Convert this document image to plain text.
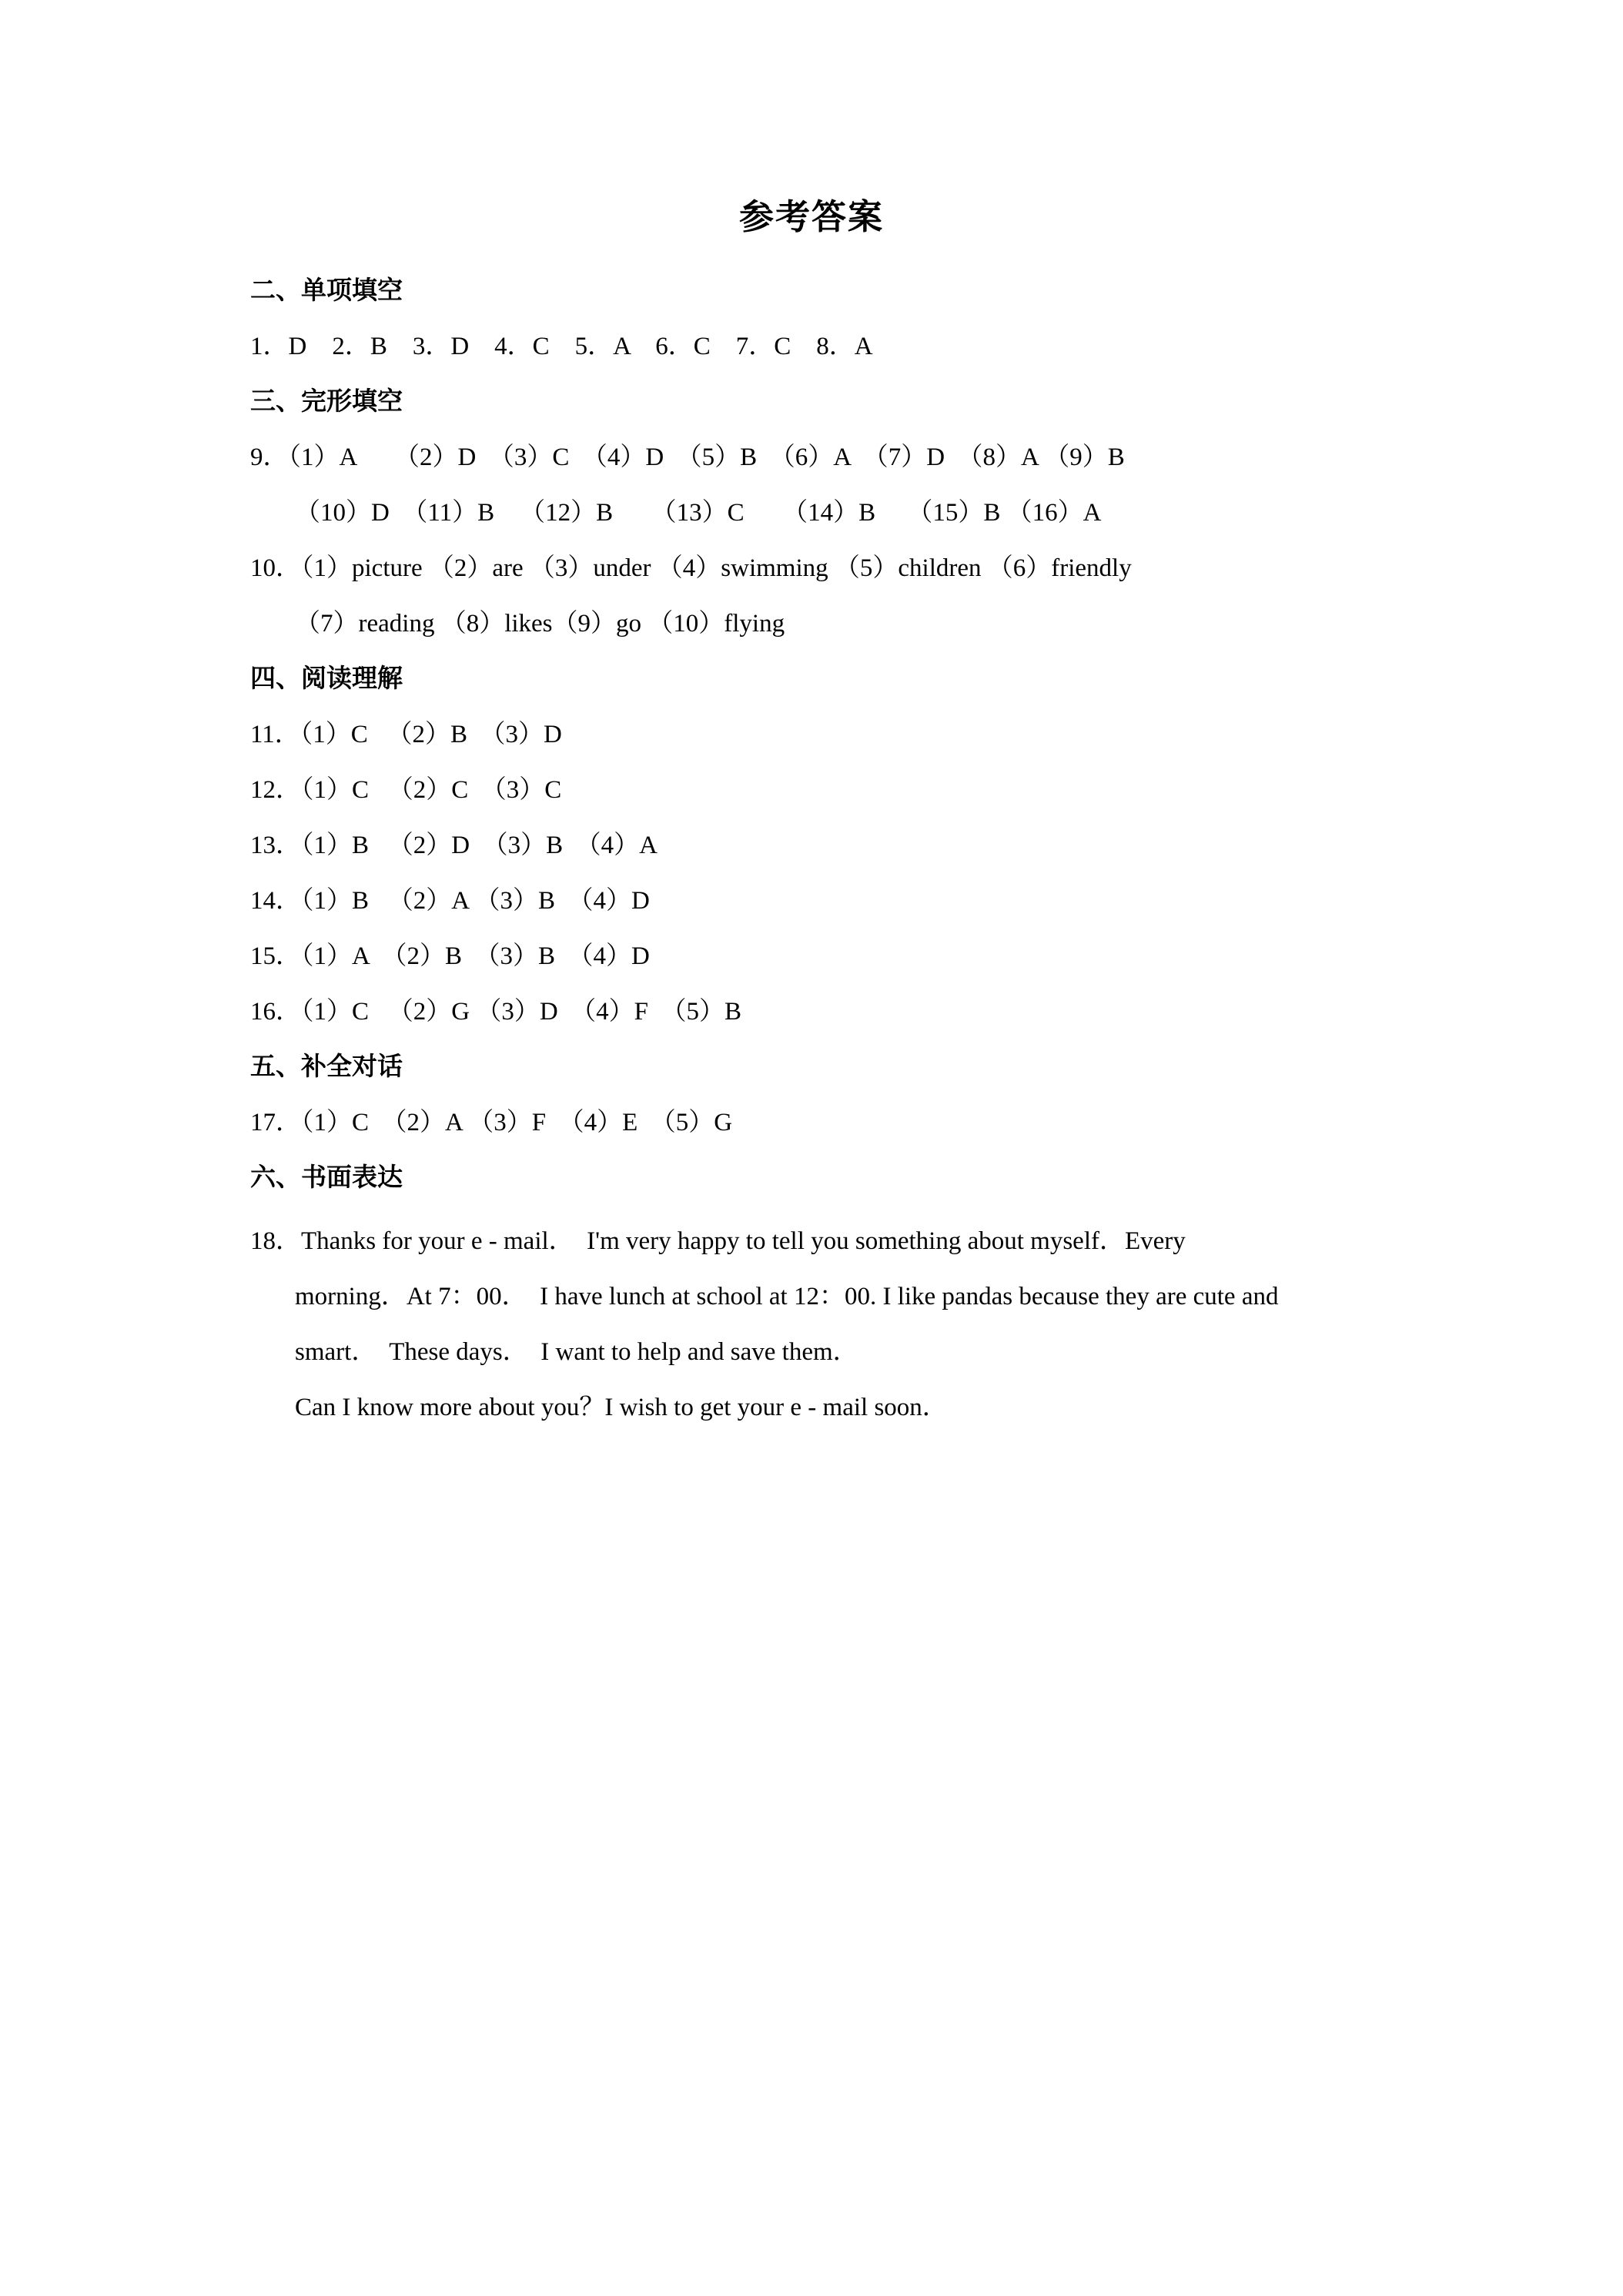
参考答案
二、单项填空
1．D    2．B    3．D    4．C    5．A    6．C    7．C    8．A
三、完形填空
9．（1）A      （2）D  （3）C  （4）D  （5）B  （6）A  （7）D  （8）A （9）B
（10）D  （11）B    （12）B      （13）C      （14）B     （15）B （16）A
10．（1）picture （2）are （3）under （4）swimming （5）children （6）friendly
（7）reading （8）likes（9）go （10）flying
四、阅读理解
11．（1）C   （2）B  （3）D
12．（1）C   （2）C  （3）C
13．（1）B   （2）D  （3）B  （4）A
14．（1）B   （2）A （3）B  （4）D
15．（1）A  （2）B  （3）B  （4）D
16．（1）C   （2）G （3）D  （4）F  （5）B
五、补全对话
17．（1）C  （2）A （3）F  （4）E  （5）G
六、书面表达
18．Thanks for your e - mail．  I'm very happy to tell you something about myself．Every
morning．At 7：00．  I have lunch at school at 12：00. I like pandas because they are cute and
smart．  These days．  I want to help and save them．
Can I know more about you？I wish to get your e - mail soon．
